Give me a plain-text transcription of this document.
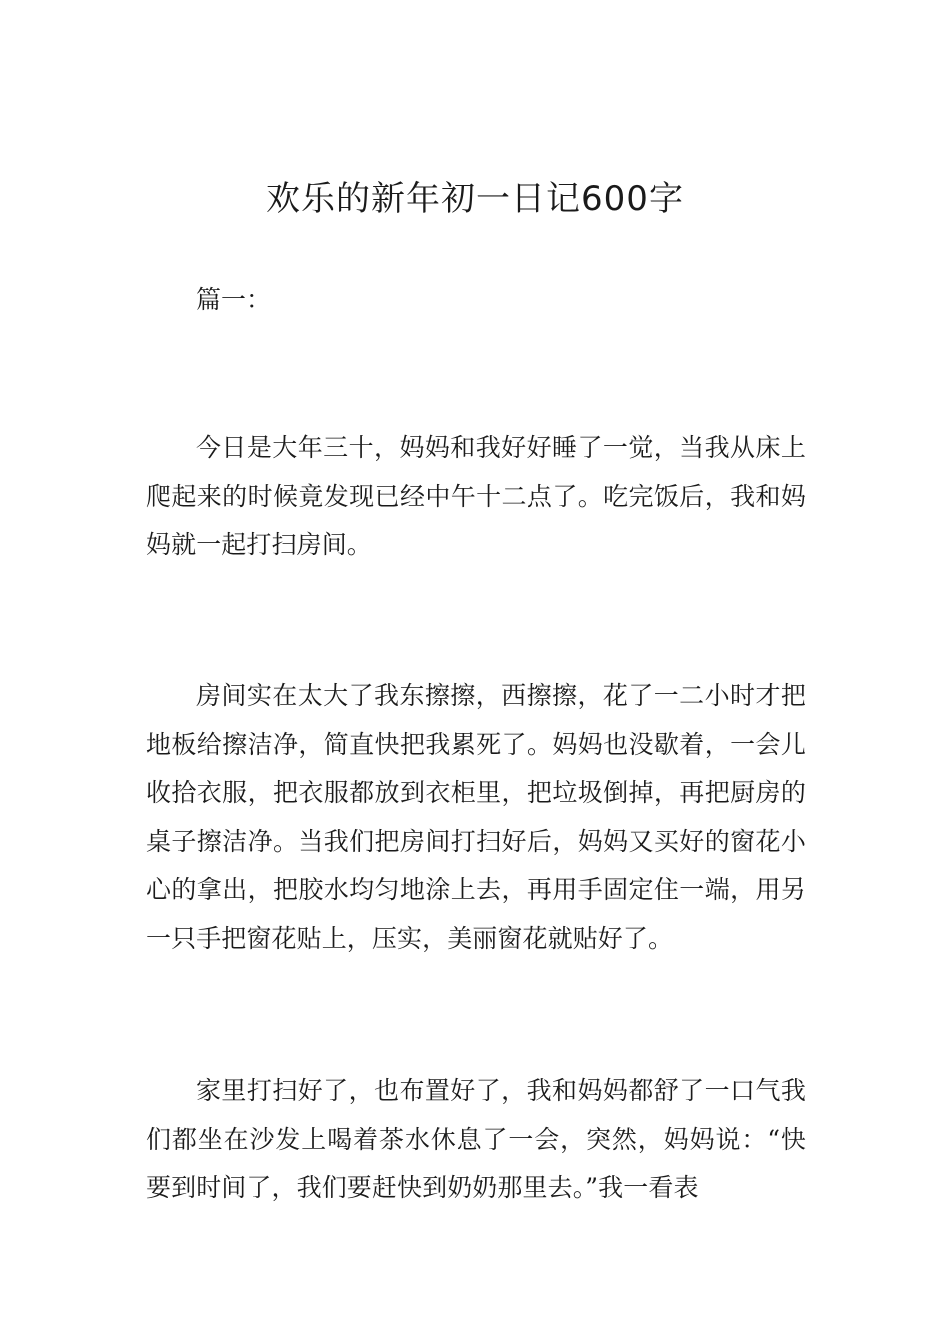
欢乐的新年初一日记600字

篇一：

今日是大年三十，妈妈和我好好睡了一觉，当我从床上爬起来的时候竟发现已经中午十二点了。吃完饭后，我和妈妈就一起打扫房间。

房间实在太大了我东擦擦，西擦擦，花了一二小时才把地板给擦洁净，简直快把我累死了。妈妈也没歇着，一会儿收拾衣服，把衣服都放到衣柜里，把垃圾倒掉，再把厨房的桌子擦洁净。当我们把房间打扫好后，妈妈又买好的窗花小心的拿出，把胶水均匀地涂上去，再用手固定住一端，用另一只手把窗花贴上，压实，美丽窗花就贴好了。

家里打扫好了，也布置好了，我和妈妈都舒了一口气我们都坐在沙发上喝着茶水休息了一会，突然，妈妈说：“快要到时间了，我们要赶快到奶奶那里去。”我一看表
